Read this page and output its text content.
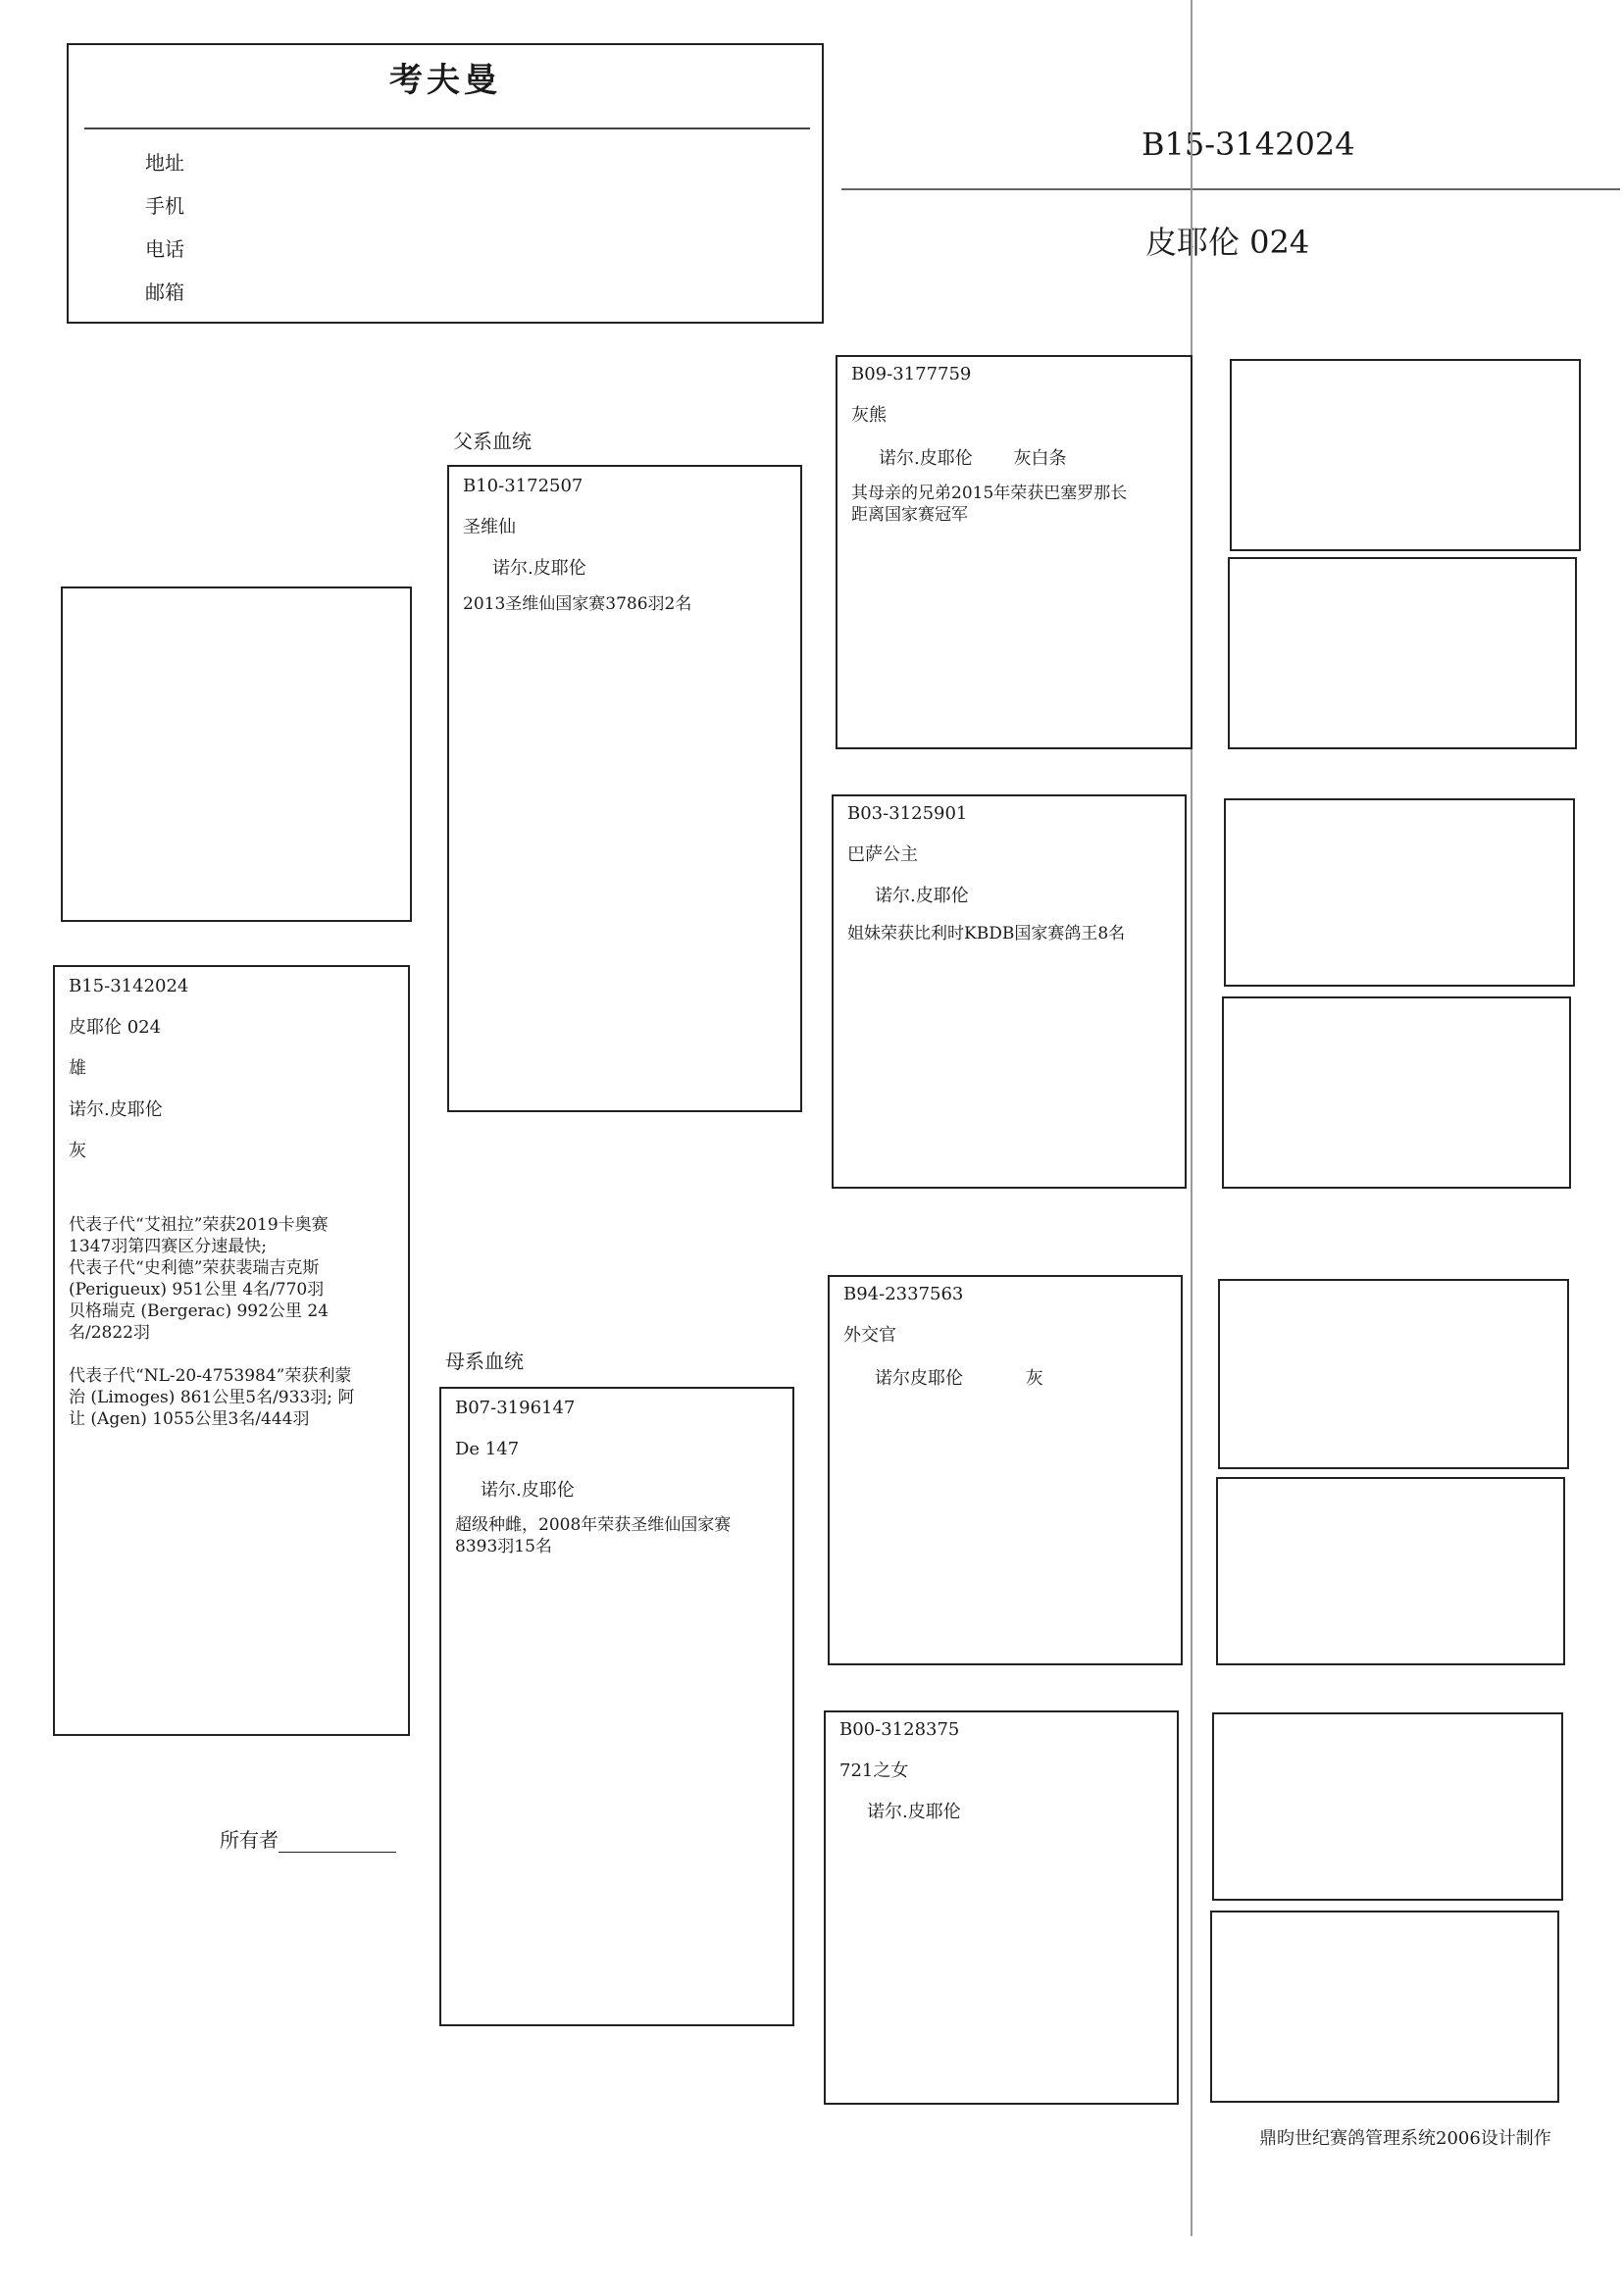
考夫曼
地址
手机
电话
邮箱
B15-3142024
皮耶伦 024
B15-3142024
皮耶伦 024
雄
诺尔.皮耶伦
灰
代表子代“艾祖拉”荣获2019卡奥赛
1347羽第四赛区分速最快;
代表子代“史利德”荣获裴瑞吉克斯
(Perigueux) 951公里 4名/770羽
贝格瑞克 (Bergerac) 992公里 24
名/2822羽
代表子代“NL-20-4753984”荣获利蒙
治 (Limoges) 861公里5名/933羽; 阿
让 (Agen) 1055公里3名/444羽
所有者
父系血统
母系血统
B10-3172507
圣维仙
诺尔.皮耶伦
2013圣维仙国家赛3786羽2名
B07-3196147
De 147
诺尔.皮耶伦
超级种雌，2008年荣获圣维仙国家赛
8393羽15名
B09-3177759
灰熊
诺尔.皮耶伦 灰白条
其母亲的兄弟2015年荣获巴塞罗那长
距离国家赛冠军
B03-3125901
巴萨公主
诺尔.皮耶伦
姐妹荣获比利时KBDB国家赛鸽王8名
B94-2337563
外交官
诺尔皮耶伦	灰
B00-3128375
721之女
诺尔.皮耶伦
鼎昀世纪赛鸽管理系统2006设计制作
